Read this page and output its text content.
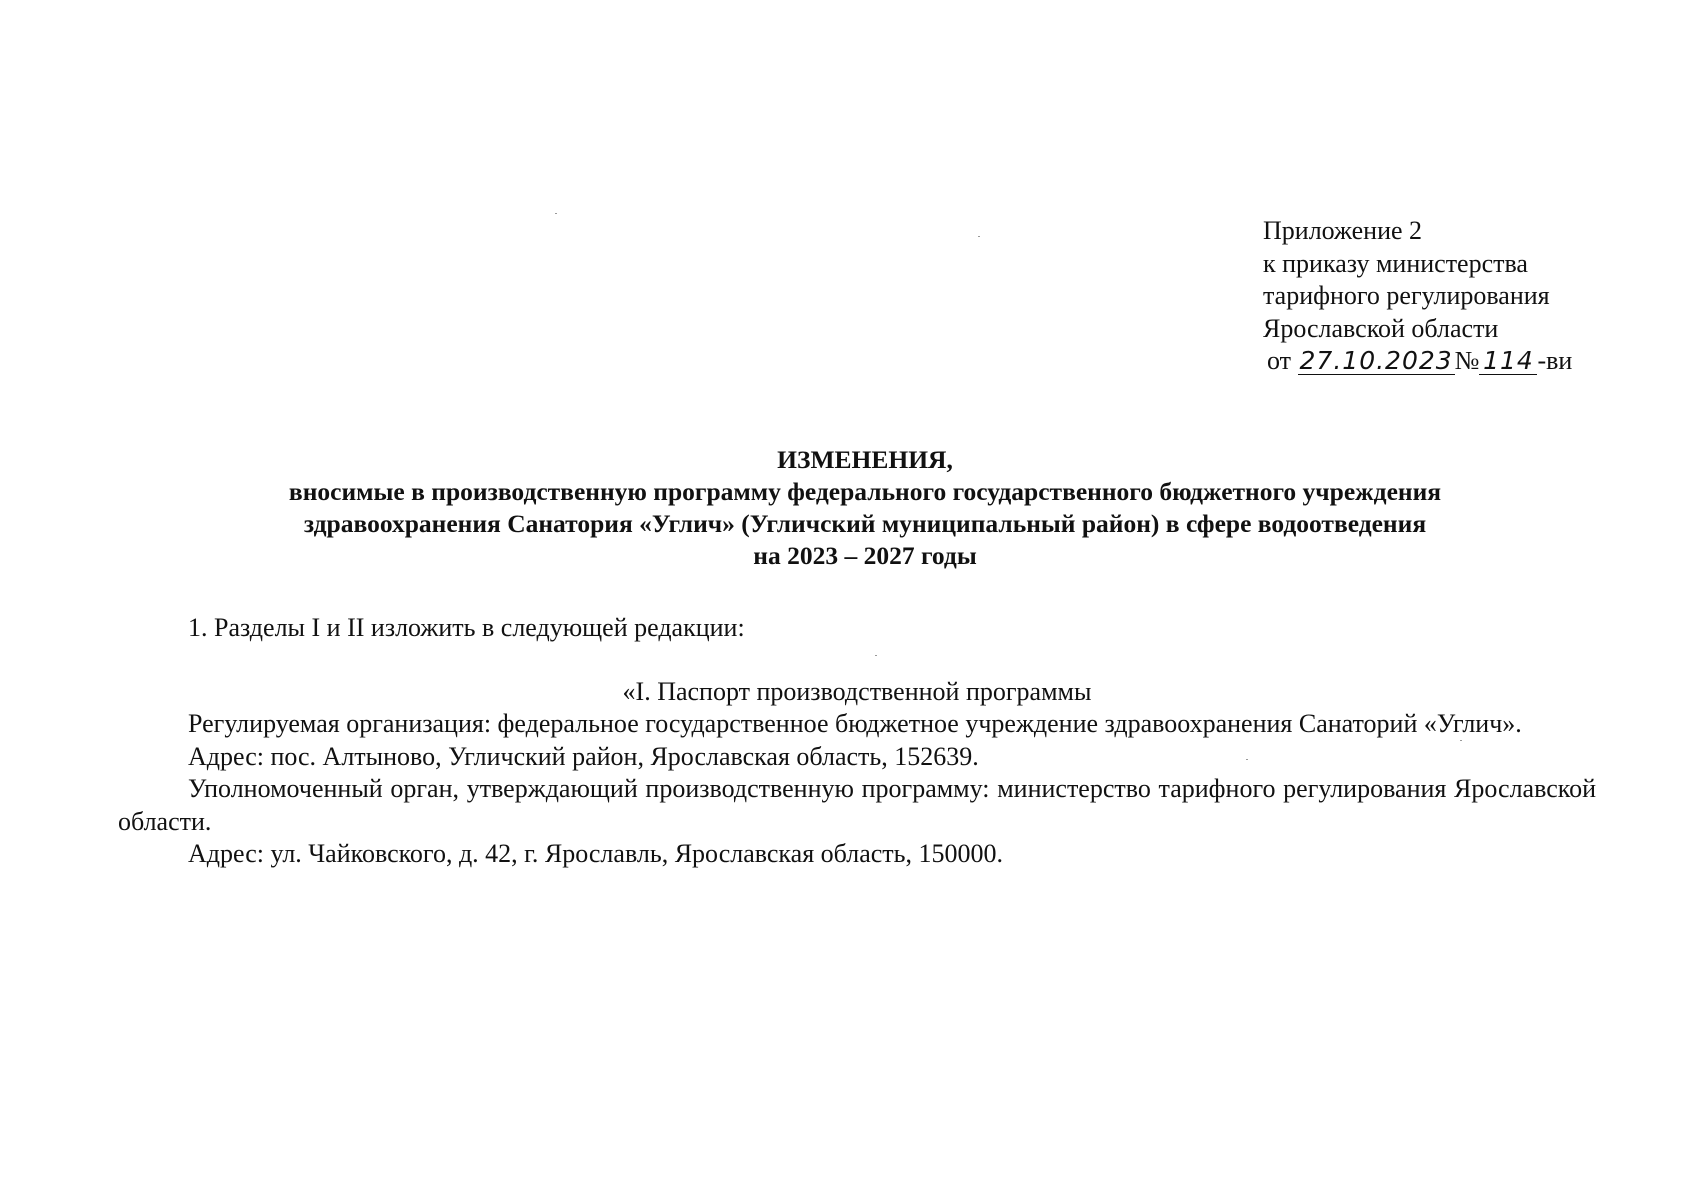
Приложение 2
к приказу министерства
тарифного регулирования
Ярославской области
от 27.10.2023№ 114 -ви
ИЗМЕНЕНИЯ,
вносимые в производственную программу федерального государственного бюджетного учреждения
здравоохранения Санатория «Углич» (Угличский муниципальный район) в сфере водоотведения
на 2023 – 2027 годы
1. Разделы I и II изложить в следующей редакции:
«I. Паспорт производственной программы

Регулируемая организация: федеральное государственное бюджетное учреждение здравоохранения Санаторий «Углич».

Адрес: пос. Алтыново, Угличский район, Ярославская область, 152639.

Уполномоченный орган, утверждающий производственную программу: министерство тарифного регулирования Ярославской области.

Адрес: ул. Чайковского, д. 42, г. Ярославль, Ярославская область, 150000.
